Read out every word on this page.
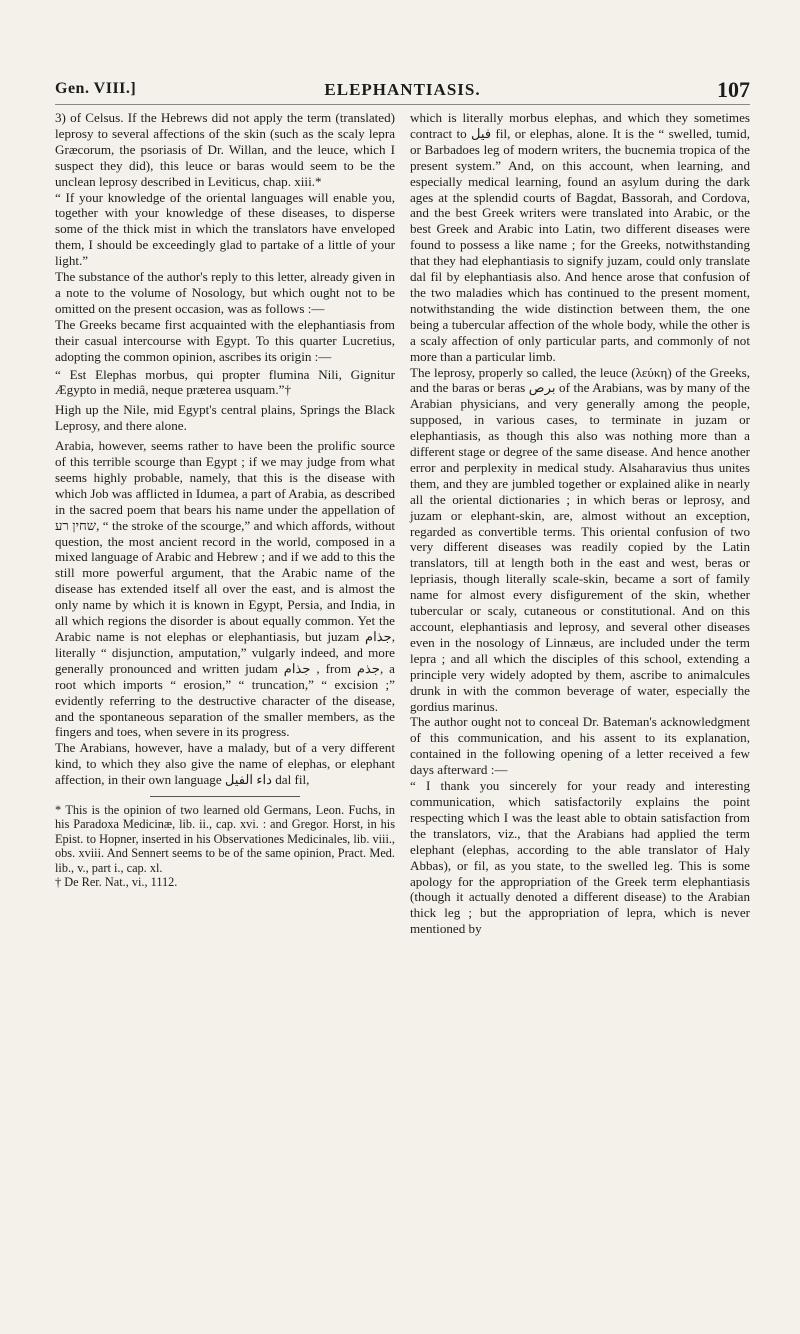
Gen. VIII.]	ELEPHANTIASIS.	107

3) of Celsus. If the Hebrews did not apply the term (translated) leprosy to several affections of the skin (such as the scaly lepra Græcorum, the psoriasis of Dr. Willan, and the leuce, which I suspect they did), this leuce or baras would seem to be the unclean leprosy described in Leviticus, chap. xiii.*

“ If your knowledge of the oriental languages will enable you, together with your knowledge of these diseases, to disperse some of the thick mist in which the translators have enveloped them, I should be exceedingly glad to partake of a little of your light.”

The substance of the author's reply to this letter, already given in a note to the volume of Nosology, but which ought not to be omitted on the present occasion, was as follows :—

The Greeks became first acquainted with the elephantiasis from their casual intercourse with Egypt. To this quarter Lucretius, adopting the common opinion, ascribes its origin :—

“ Est Elephas morbus, qui propter flumina Nili, Gignitur Ægypto in mediâ, neque præterea usquam.”†

High up the Nile, mid Egypt's central plains, Springs the Black Leprosy, and there alone.

Arabia, however, seems rather to have been the prolific source of this terrible scourge than Egypt ; if we may judge from what seems highly probable, namely, that this is the disease with which Job was afflicted in Idumea, a part of Arabia, as described in the sacred poem that bears his name under the appellation of שחין רע, “ the stroke of the scourge,” and which affords, without question, the most ancient record in the world, composed in a mixed language of Arabic and Hebrew ; and if we add to this the still more powerful argument, that the Arabic name of the disease has extended itself all over the east, and is almost the only name by which it is known in Egypt, Persia, and India, in all which regions the disorder is about equally common. Yet the Arabic name is not elephas or elephantiasis, but juzam جذام, literally “ disjunction, amputation,” vulgarly indeed, and more generally pronounced and written judam جذام , from جذم, a root which imports “ erosion,” “ truncation,” “ excision ;” evidently referring to the destructive character of the disease, and the spontaneous separation of the smaller members, as the fingers and toes, when severe in its progress.

The Arabians, however, have a malady, but of a very different kind, to which they also give the name of elephas, or elephant affection, in their own language داء الفيل dal fil,

* This is the opinion of two learned old Germans, Leon. Fuchs, in his Paradoxa Medicinæ, lib. ii., cap. xvi. : and Gregor. Horst, in his Epist. to Hopner, inserted in his Observationes Medicinales, lib. viii., obs. xviii. And Sennert seems to be of the same opinion, Pract. Med. lib., v., part i., cap. xl.

† De Rer. Nat., vi., 1112.

which is literally morbus elephas, and which they sometimes contract to فيل fil, or elephas, alone. It is the “ swelled, tumid, or Barbadoes leg of modern writers, the bucnemia tropica of the present system.” And, on this account, when learning, and especially medical learning, found an asylum during the dark ages at the splendid courts of Bagdat, Bassorah, and Cordova, and the best Greek writers were translated into Arabic, or the best Greek and Arabic into Latin, two different diseases were found to possess a like name ; for the Greeks, notwithstanding that they had elephantiasis to signify juzam, could only translate dal fil by elephantiasis also. And hence arose that confusion of the two maladies which has continued to the present moment, notwithstanding the wide distinction between them, the one being a tubercular affection of the whole body, while the other is a scaly affection of only particular parts, and commonly of not more than a particular limb.

The leprosy, properly so called, the leuce (λεύκη) of the Greeks, and the baras or beras برص of the Arabians, was by many of the Arabian physicians, and very generally among the people, supposed, in various cases, to terminate in juzam or elephantiasis, as though this also was nothing more than a different stage or degree of the same disease. And hence another error and perplexity in medical study. Alsaharavius thus unites them, and they are jumbled together or explained alike in nearly all the oriental dictionaries ; in which beras or leprosy, and juzam or elephant-skin, are, almost without an exception, regarded as convertible terms. This oriental confusion of two very different diseases was readily copied by the Latin translators, till at length both in the east and west, beras or lepriasis, though literally scale-skin, became a sort of family name for almost every disfigurement of the skin, whether tubercular or scaly, cutaneous or constitutional. And on this account, elephantiasis and leprosy, and several other diseases even in the nosology of Linnæus, are included under the term lepra ; and all which the disciples of this school, extending a principle very widely adopted by them, ascribe to animalcules drunk in with the common beverage of water, especially the gordius marinus.

The author ought not to conceal Dr. Bateman's acknowledgment of this communication, and his assent to its explanation, contained in the following opening of a letter received a few days afterward :—

“ I thank you sincerely for your ready and interesting communication, which satisfactorily explains the point respecting which I was the least able to obtain satisfaction from the translators, viz., that the Arabians had applied the term elephant (elephas, according to the able translator of Haly Abbas), or fil, as you state, to the swelled leg. This is some apology for the appropriation of the Greek term elephantiasis (though it actually denoted a different disease) to the Arabian thick leg ; but the appropriation of lepra, which is never mentioned by
